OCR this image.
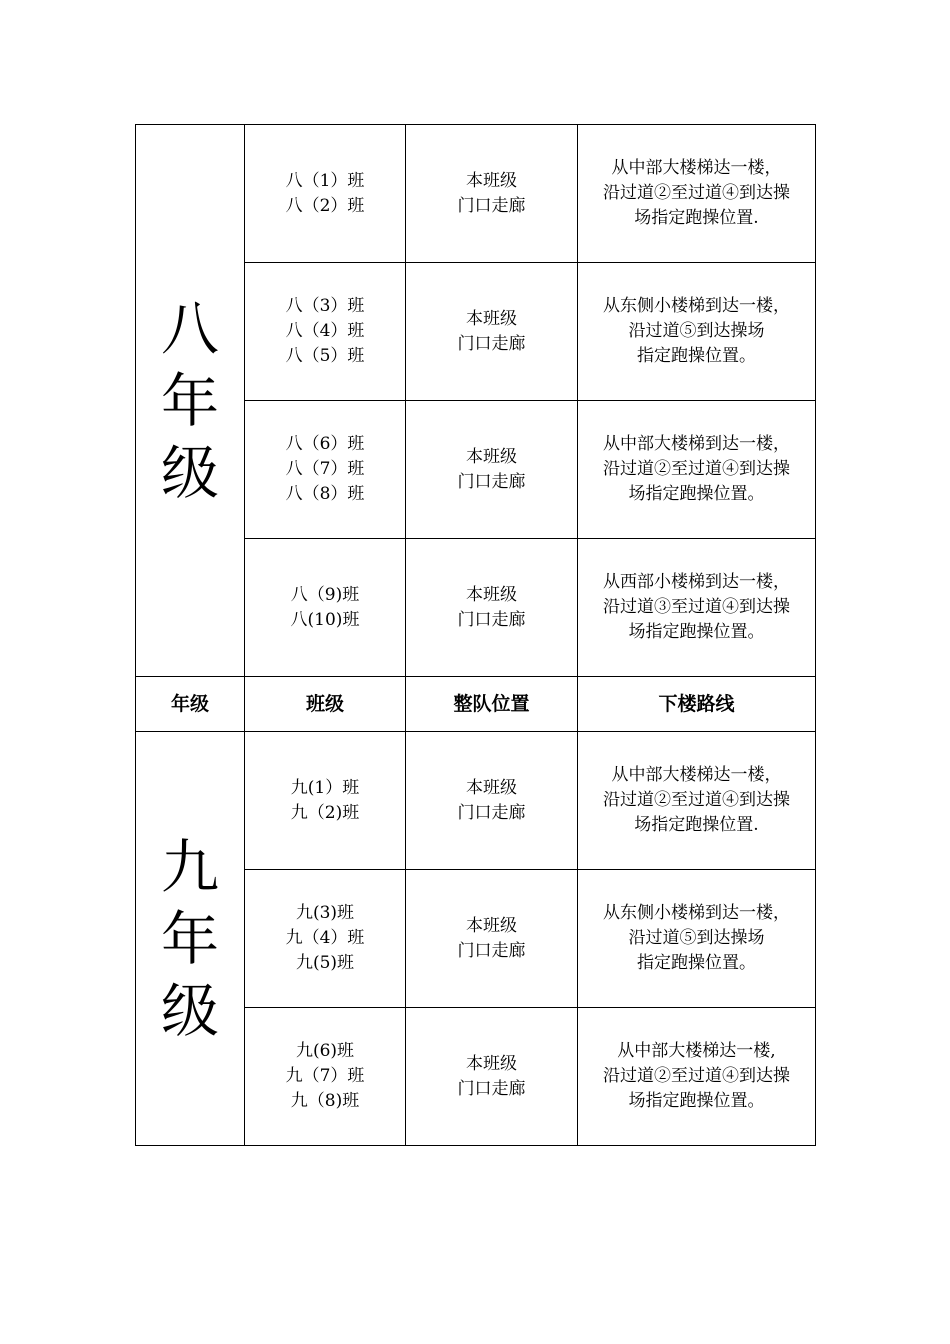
八
年
级	八（1）班
八（2）班	本班级
门口走廊	从中部大楼梯达一楼，
沿过道②至过道④到达操
场指定跑操位置.

	八（3）班
八（4）班
八（5）班	本班级
门口走廊	从东侧小楼梯到达一楼，
沿过道⑤到达操场
指定跑操位置。

	八（6）班
八（7）班
八（8）班	本班级
门口走廊	从中部大楼梯到达一楼，
沿过道②至过道④到达操
场指定跑操位置。

	八（9)班
八(10)班	本班级
门口走廊	从西部小楼梯到达一楼，
沿过道③至过道④到达操
场指定跑操位置。

年级	班级	整队位置	下楼路线

九
年
级	九(1）班
九（2)班	本班级
门口走廊	从中部大楼梯达一楼，
沿过道②至过道④到达操
场指定跑操位置.

	九(3)班
九（4）班
九(5)班	本班级
门口走廊	从东侧小楼梯到达一楼，
沿过道⑤到达操场
指定跑操位置。

	九(6)班
九（7）班
九（8)班	本班级
门口走廊	从中部大楼梯达一楼,
沿过道②至过道④到达操
场指定跑操位置。
